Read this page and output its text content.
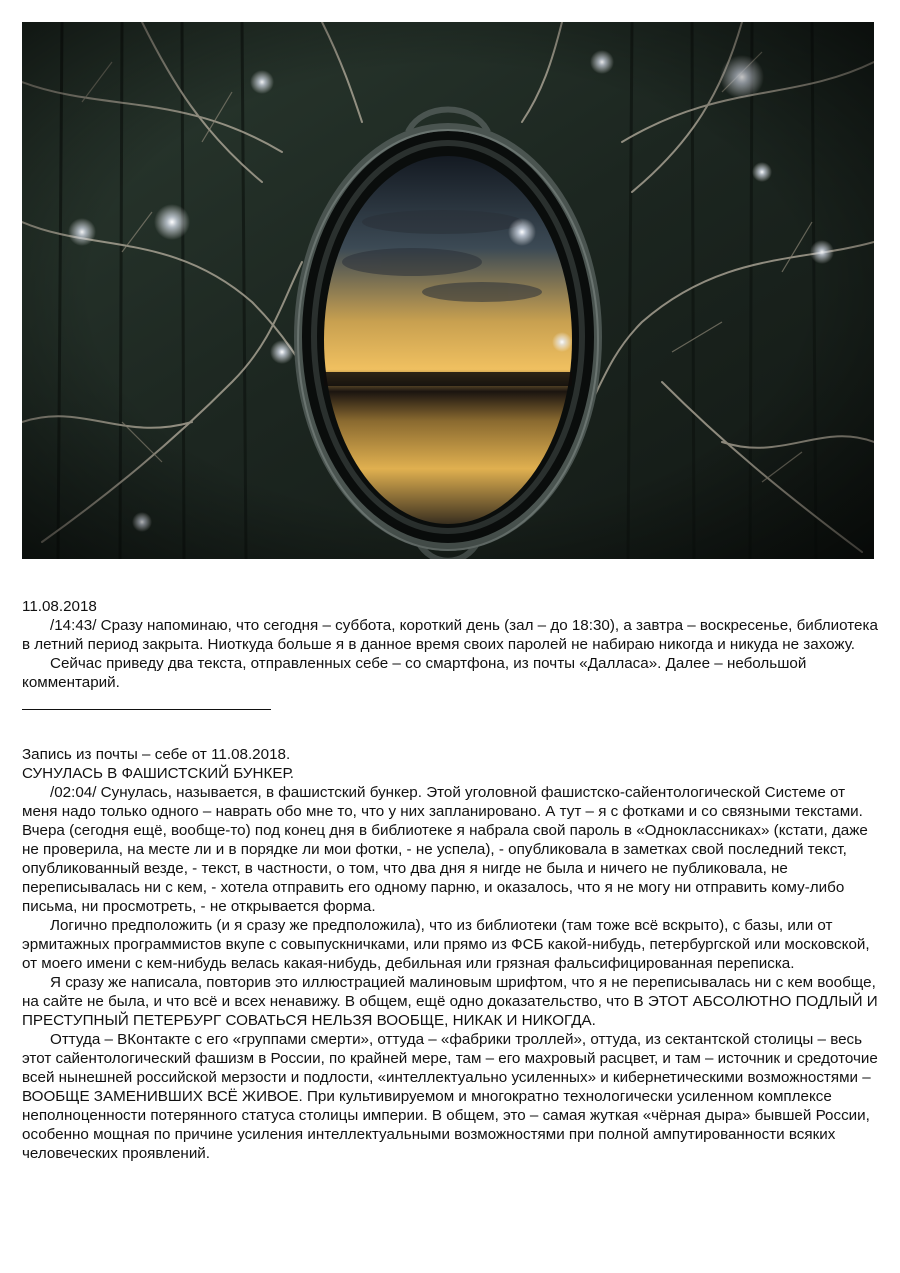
11.08.2018

/14:43/ Сразу напоминаю, что сегодня – суббота, короткий день (зал – до 18:30), а завтра – воскресенье, библиотека в летний период закрыта. Ниоткуда больше я в данное время своих паролей не набираю никогда и никуда не захожу.

Сейчас приведу два текста, отправленных себе – со смартфона, из почты «Далласа». Далее – небольшой комментарий.

Запись из почты – себе от 11.08.2018.

СУНУЛАСЬ В ФАШИСТСКИЙ БУНКЕР.

/02:04/ Сунулась, называется, в фашистский бункер. Этой уголовной фашистско-сайентологической Системе от меня надо только одного – наврать обо мне то, что у них запланировано. А тут – я с фотками и со связными текстами. Вчера (сегодня ещё, вообще-то) под конец дня в библиотеке я набрала свой пароль в «Одноклассниках» (кстати, даже не проверила, на месте ли и в порядке ли мои фотки, - не успела), - опубликовала в заметках свой последний текст, опубликованный везде, - текст, в частности, о том, что два дня я нигде не была и ничего не публиковала, не переписывалась ни с кем, - хотела отправить его одному парню, и оказалось, что я не могу ни отправить кому-либо письма, ни просмотреть, - не открывается форма.

Логично предположить (и я сразу же предположила), что из библиотеки (там тоже всё вскрыто), с базы, или от эрмитажных программистов вкупе с совыпускничками, или прямо из ФСБ какой-нибудь, петербургской или московской, от моего имени с кем-нибудь велась какая-нибудь, дебильная или грязная фальсифицированная переписка.

Я сразу же написала, повторив это иллюстрацией малиновым шрифтом, что я не переписывалась ни с кем вообще, на сайте не была, и что всё и всех ненавижу. В общем, ещё одно доказательство, что В ЭТОТ АБСОЛЮТНО ПОДЛЫЙ И ПРЕСТУПНЫЙ ПЕТЕРБУРГ СОВАТЬСЯ НЕЛЬЗЯ ВООБЩЕ, НИКАК И НИКОГДА.

Оттуда – ВКонтакте с его «группами смерти», оттуда – «фабрики троллей», оттуда, из сектантской столицы – весь этот сайентологический фашизм в России, по крайней мере, там – его махровый расцвет, и там – источник и средоточие всей нынешней российской мерзости и подлости, «интеллектуально усиленных» и кибернетическими возможностями – ВООБЩЕ ЗАМЕНИВШИХ ВСЁ ЖИВОЕ. При культивируемом и многократно технологически усиленном комплексе неполноценности потерянного статуса столицы империи. В общем, это – самая жуткая «чёрная дыра» бывшей России, особенно мощная по причине усиления интеллектуальными возможностями при полной ампутированности всяких человеческих проявлений.
